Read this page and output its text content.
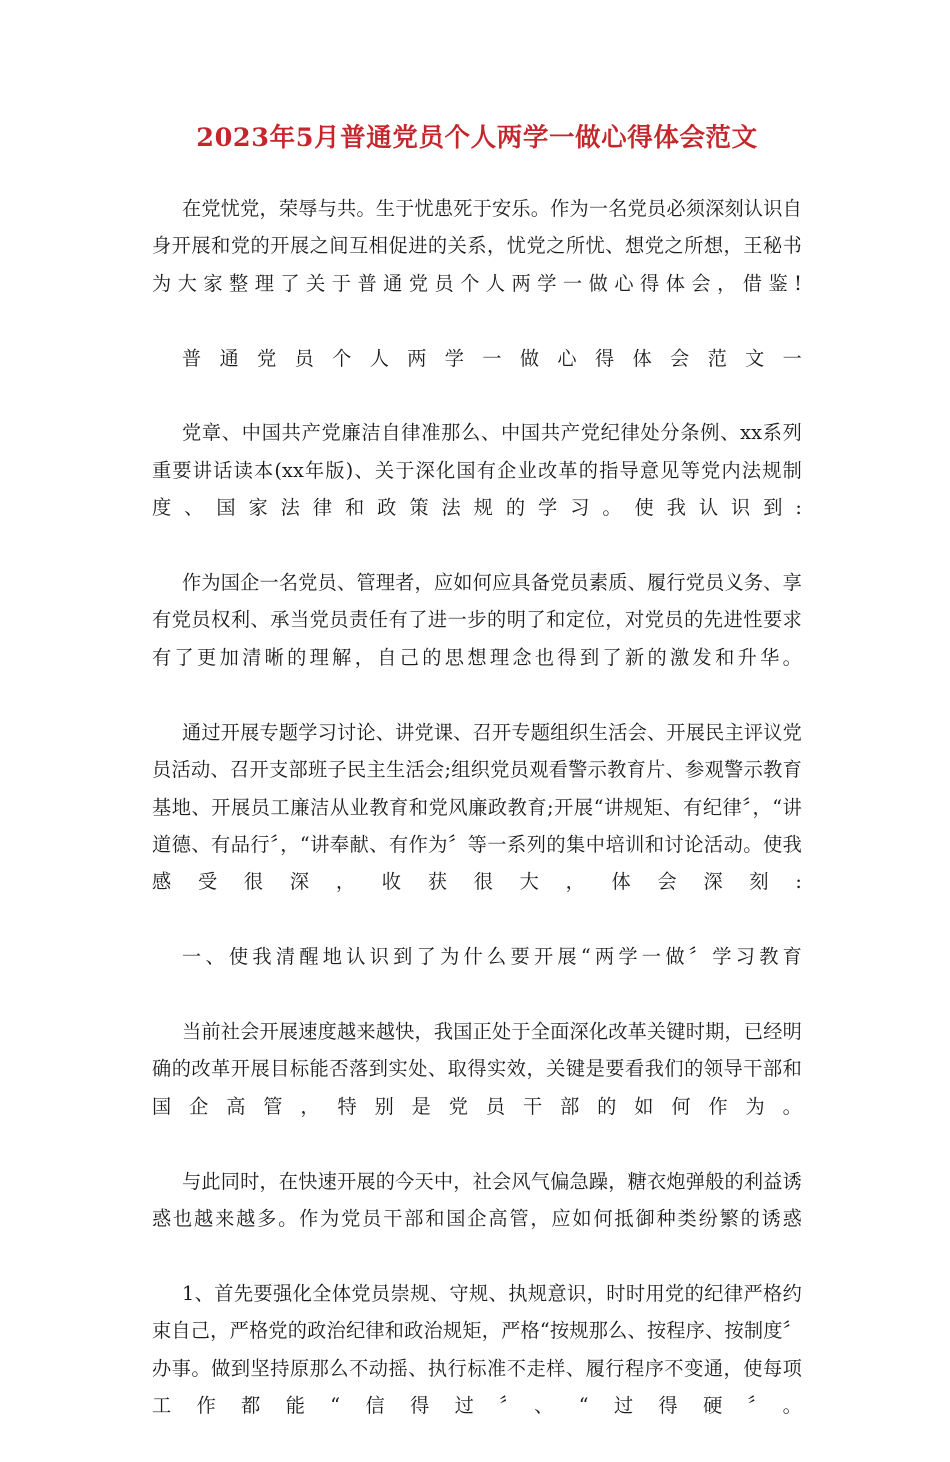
2023年5月普通党员个人两学一做心得体会范文

在党忧党，荣辱与共。生于忧患死于安乐。作为一名党员必须深刻认识自身开展和党的开展之间互相促进的关系，忧党之所忧、想党之所想，王秘书为大家整理了关于普通党员个人两学一做心得体会，借鉴!

普通党员个人两学一做心得体会范文一

党章、中国共产党廉洁自律准那么、中国共产党纪律处分条例、xx系列重要讲话读本(xx年版)、关于深化国有企业改革的指导意见等党内法规制度、国家法律和政策法规的学习。使我认识到:

作为国企一名党员、管理者，应如何应具备党员素质、履行党员义务、享有党员权利、承当党员责任有了进一步的明了和定位，对党员的先进性要求有了更加清晰的理解，自己的思想理念也得到了新的激发和升华。

通过开展专题学习讨论、讲党课、召开专题组织生活会、开展民主评议党员活动、召开支部班子民主生活会;组织党员观看警示教育片、参观警示教育基地、开展员工廉洁从业教育和党风廉政教育;开展“讲规矩、有纪律〞，“讲道德、有品行〞，“讲奉献、有作为〞等一系列的集中培训和讨论活动。使我感受很深，收获很大，体会深刻:

一、使我清醒地认识到了为什么要开展“两学一做〞学习教育

当前社会开展速度越来越快，我国正处于全面深化改革关键时期，已经明确的改革开展目标能否落到实处、取得实效，关键是要看我们的领导干部和国企高管，特别是党员干部的如何作为。

与此同时，在快速开展的今天中，社会风气偏急躁，糖衣炮弹般的利益诱惑也越来越多。作为党员干部和国企高管，应如何抵御种类纷繁的诱惑

1、首先要强化全体党员崇规、守规、执规意识，时时用党的纪律严格约束自己，严格党的政治纪律和政治规矩，严格“按规那么、按程序、按制度〞办事。做到坚持原那么不动摇、执行标准不走样、履行程序不变通，使每项工作都能“信得过〞、“过得硬〞。
